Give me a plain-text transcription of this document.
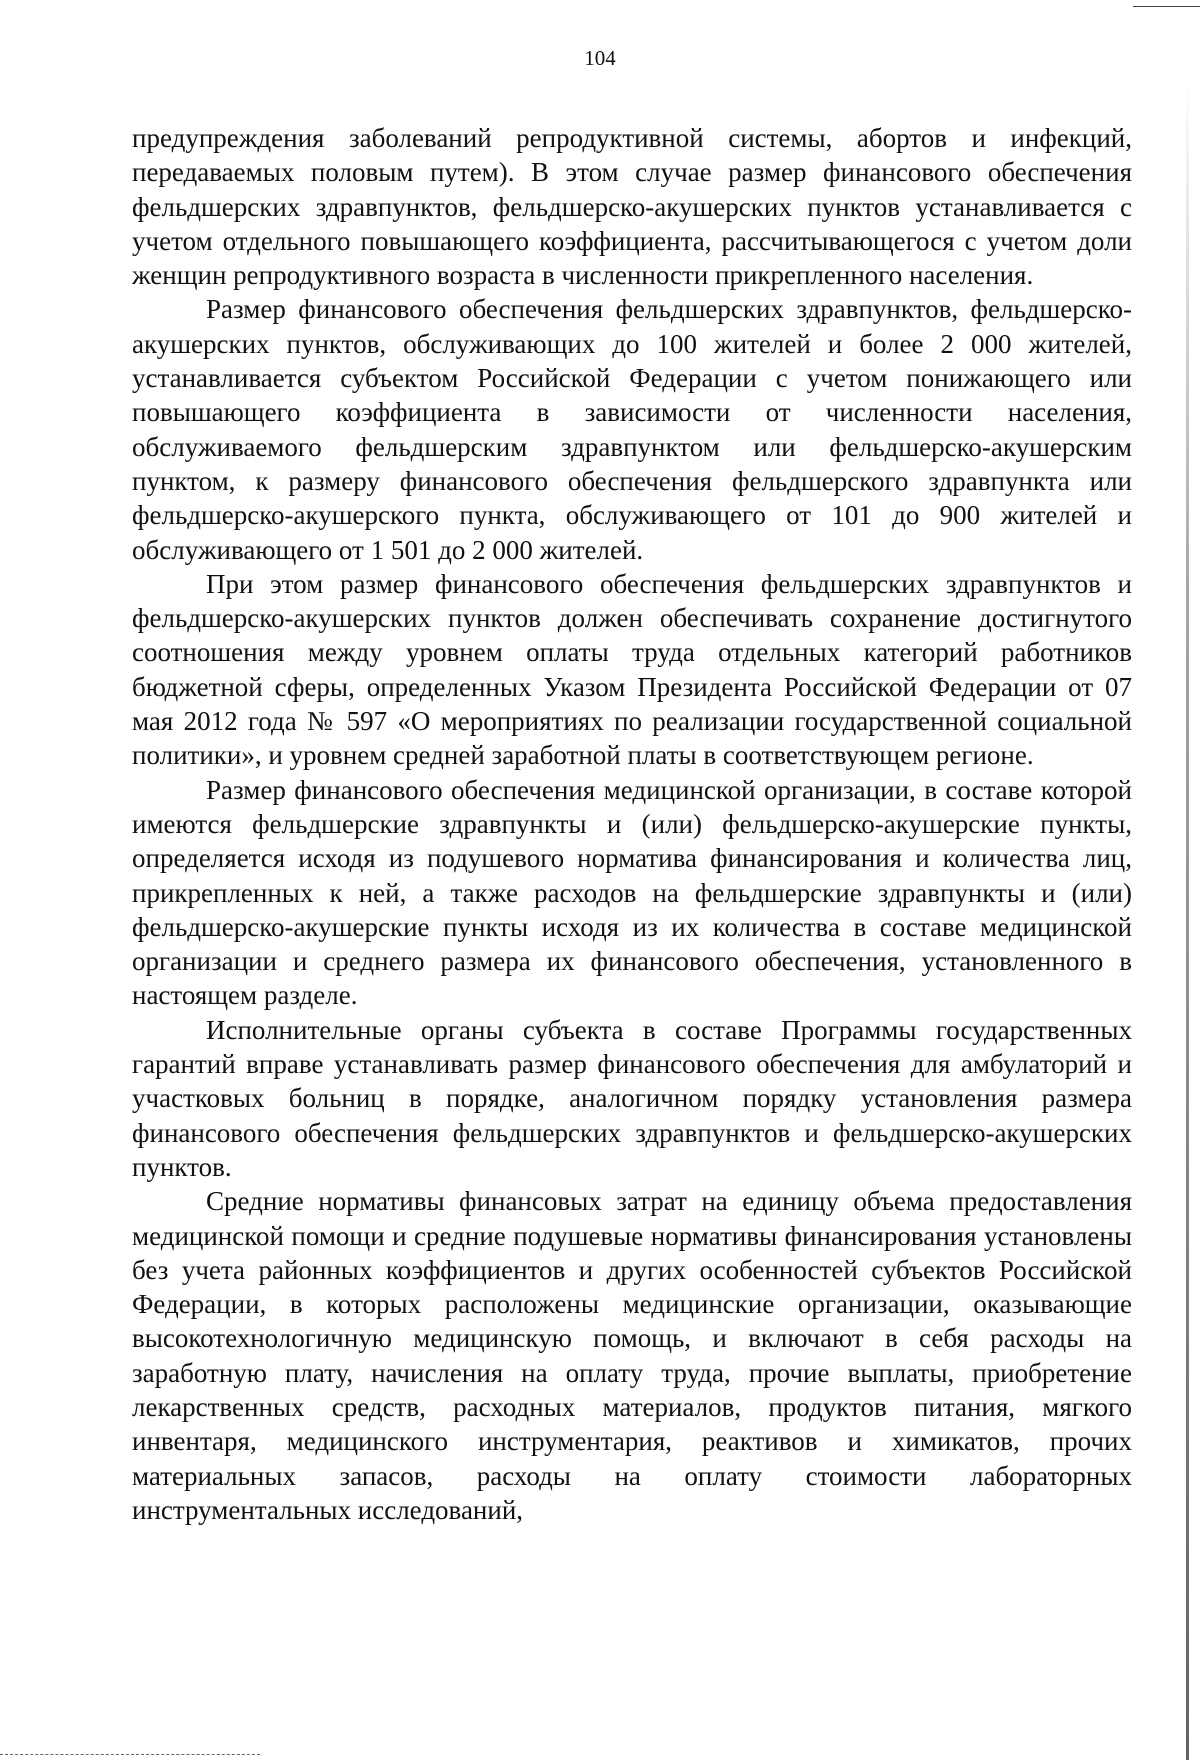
104

предупреждения заболеваний репродуктивной системы, абортов и инфекций, передаваемых половым путем). В этом случае размер финансового обеспечения фельдшерских здравпунктов, фельдшерско-акушерских пунктов устанавливается с учетом отдельного повышающего коэффициента, рассчитывающегося с учетом доли женщин репродуктивного возраста в численности прикрепленного населения.

Размер финансового обеспечения фельдшерских здравпунктов, фельдшерско-акушерских пунктов, обслуживающих до 100 жителей и более 2 000 жителей, устанавливается субъектом Российской Федерации с учетом понижающего или повышающего коэффициента в зависимости от численности населения, обслуживаемого фельдшерским здравпунктом или фельдшерско-акушерским пунктом, к размеру финансового обеспечения фельдшерского здравпункта или фельдшерско-акушерского пункта, обслуживающего от 101 до 900 жителей и обслуживающего от 1 501 до 2 000 жителей.

При этом размер финансового обеспечения фельдшерских здравпунктов и фельдшерско-акушерских пунктов должен обеспечивать сохранение достигнутого соотношения между уровнем оплаты труда отдельных категорий работников бюджетной сферы, определенных Указом Президента Российской Федерации от 07 мая 2012 года № 597 «О мероприятиях по реализации государственной социальной политики», и уровнем средней заработной платы в соответствующем регионе.

Размер финансового обеспечения медицинской организации, в составе которой имеются фельдшерские здравпункты и (или) фельдшерско-акушерские пункты, определяется исходя из подушевого норматива финансирования и количества лиц, прикрепленных к ней, а также расходов на фельдшерские здравпункты и (или) фельдшерско-акушерские пункты исходя из их количества в составе медицинской организации и среднего размера их финансового обеспечения, установленного в настоящем разделе.

Исполнительные органы субъекта в составе Программы государственных гарантий вправе устанавливать размер финансового обеспечения для амбулаторий и участковых больниц в порядке, аналогичном порядку установления размера финансового обеспечения фельдшерских здравпунктов и фельдшерско-акушерских пунктов.

Средние нормативы финансовых затрат на единицу объема предоставления медицинской помощи и средние подушевые нормативы финансирования установлены без учета районных коэффициентов и других особенностей субъектов Российской Федерации, в которых расположены медицинские организации, оказывающие высокотехнологичную медицинскую помощь, и включают в себя расходы на заработную плату, начисления на оплату труда, прочие выплаты, приобретение лекарственных средств, расходных материалов, продуктов питания, мягкого инвентаря, медицинского инструментария, реактивов и химикатов, прочих материальных запасов, расходы на оплату стоимости лабораторных инструментальных исследований,
